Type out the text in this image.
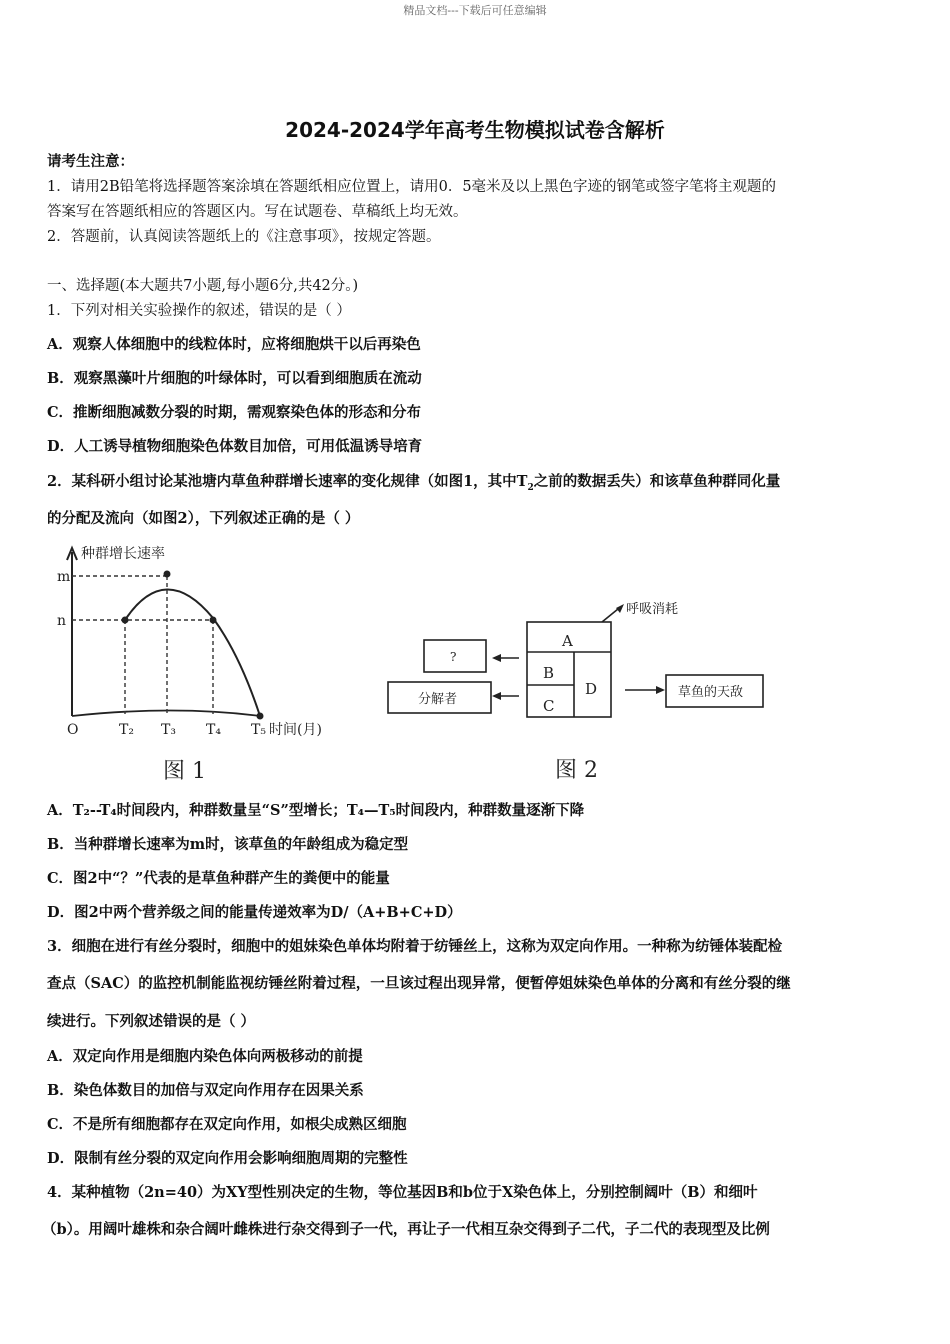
精品文档---下载后可任意编辑
2024-2024学年高考生物模拟试卷含解析
请考生注意：
1．请用2B铅笔将选择题答案涂填在答题纸相应位置上，请用0．5毫米及以上黑色字迹的钢笔或签字笔将主观题的
答案写在答题纸相应的答题区内。写在试题卷、草稿纸上均无效。
2．答题前，认真阅读答题纸上的《注意事项》，按规定答题。
一、选择题(本大题共7小题,每小题6分,共42分。)
1．下列对相关实验操作的叙述，错误的是（ ）
A．观察人体细胞中的线粒体时，应将细胞烘干以后再染色
B．观察黑藻叶片细胞的叶绿体时，可以看到细胞质在流动
C．推断细胞减数分裂的时期，需观察染色体的形态和分布
D．人工诱导植物细胞染色体数目加倍，可用低温诱导培育
2．某科研小组讨论某池塘内草鱼种群增长速率的变化规律（如图1，其中$T_2$之前的数据丢失）和该草鱼种群同化量
的分配及流向（如图2），下列叙述正确的是（ ）
种群增长速率
m
n
O	T₂ T₃ T₄ T₅ 时间(月)
图 1
A
B
C
D
?
分解者
呼吸消耗
草鱼的天敌
图 2
A．T₂--T₄时间段内，种群数量呈“S”型增长；T₄—T₅时间段内，种群数量逐渐下降
B．当种群增长速率为m时，该草鱼的年龄组成为稳定型
C．图2中“？”代表的是草鱼种群产生的粪便中的能量
D．图2中两个营养级之间的能量传递效率为D/（A+B+C+D）
3．细胞在进行有丝分裂时，细胞中的姐妹染色单体均附着于纺锤丝上，这称为双定向作用。一种称为纺锤体装配检
查点（SAC）的监控机制能监视纺锤丝附着过程，一旦该过程出现异常，便暂停姐妹染色单体的分离和有丝分裂的继
续进行。下列叙述错误的是（ ）
A．双定向作用是细胞内染色体向两极移动的前提
B．染色体数目的加倍与双定向作用存在因果关系
C．不是所有细胞都存在双定向作用，如根尖成熟区细胞
D．限制有丝分裂的双定向作用会影响细胞周期的完整性
4．某种植物（2n=40）为XY型性别决定的生物，等位基因B和b位于X染色体上，分别控制阔叶（B）和细叶
（b）。用阔叶雄株和杂合阔叶雌株进行杂交得到子一代，再让子一代相互杂交得到子二代，子二代的表现型及比例
